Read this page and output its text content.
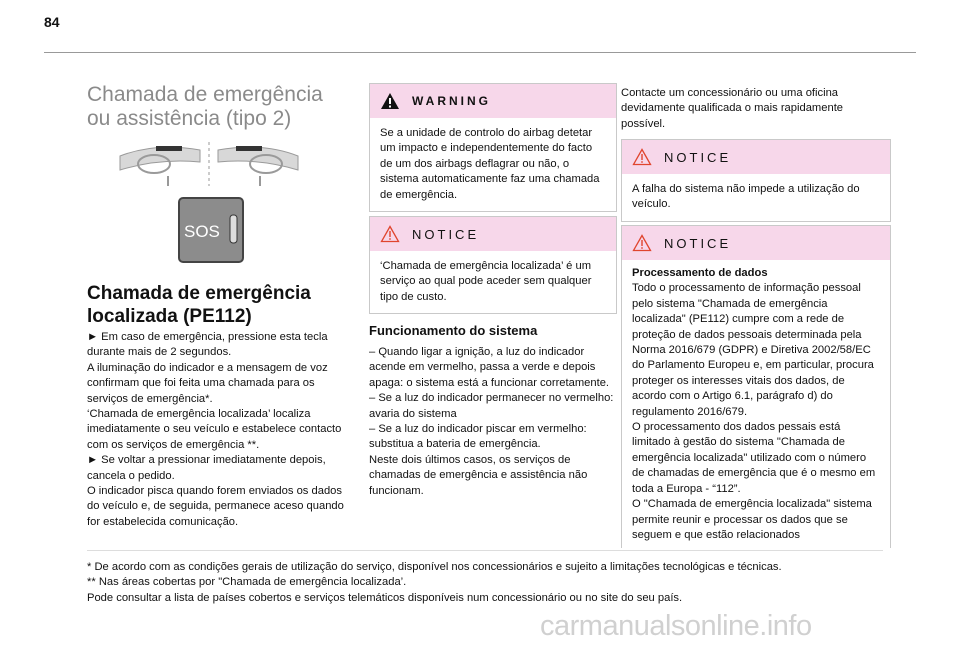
84
Chamada de emergência
ou assistência (tipo 2)
SOS
Chamada de emergência
localizada (PE112)

► Em caso de emergência, pressione esta tecla durante mais de 2 segundos.

A iluminação do indicador e a mensagem de voz confirmam que foi feita uma chamada para os serviços de emergência*.

‘Chamada de emergência localizada’ localiza imediatamente o seu veículo e estabelece contacto com os serviços de emergência **.

► Se voltar a pressionar imediatamente depois, cancela o pedido.

O indicador pisca quando forem enviados os dados do veículo e, de seguida, permanece aceso quando for estabelecida comunicação.

WARNING

Se a unidade de controlo do airbag detetar um impacto e independentemente do facto de um dos airbags deflagrar ou não, o sistema automaticamente faz uma chamada de emergência.

NOTICE

‘Chamada de emergência localizada’ é um serviço ao qual pode aceder sem qualquer tipo de custo.

Funcionamento do sistema

– Quando ligar a ignição, a luz do indicador acende em vermelho, passa a verde e depois apaga: o sistema está a funcionar corretamente.

– Se a luz do indicador permanecer no vermelho: avaria do sistema

– Se a luz do indicador piscar em vermelho: substitua a bateria de emergência.

Neste dois últimos casos, os serviços de chamadas de emergência e assistência não funcionam.

Contacte um concessionário ou uma oficina devidamente qualificada o mais rapidamente possível.

NOTICE

A falha do sistema não impede a utilização do veículo.

NOTICE

Processamento de dados

Todo o processamento de informação pessoal pelo sistema "Chamada de emergência localizada" (PE112) cumpre com a rede de proteção de dados pessoais determinada pela Norma 2016/679 (GDPR) e Diretiva 2002/58/EC do Parlamento Europeu e, em particular, procura proteger os interesses vitais dos dados, de acordo com o Artigo 6.1, parágrafo d) do regulamento 2016/679.

O processamento dos dados pessais está limitado à gestão do sistema "Chamada de emergência localizada" utilizado com o número de chamadas de emergência que é o mesmo em toda a Europa - “112”.

O "Chamada de emergência localizada" sistema permite reunir e processar os dados que se seguem e que estão relacionados

* De acordo com as condições gerais de utilização do serviço, disponível nos concessionários e sujeito a limitações tecnológicas e técnicas.

** Nas áreas cobertas por "Chamada de emergência localizada’.

Pode consultar a lista de países cobertos e serviços telemáticos disponíveis num concessionário ou no site do seu país.

carmanualsonline.info
